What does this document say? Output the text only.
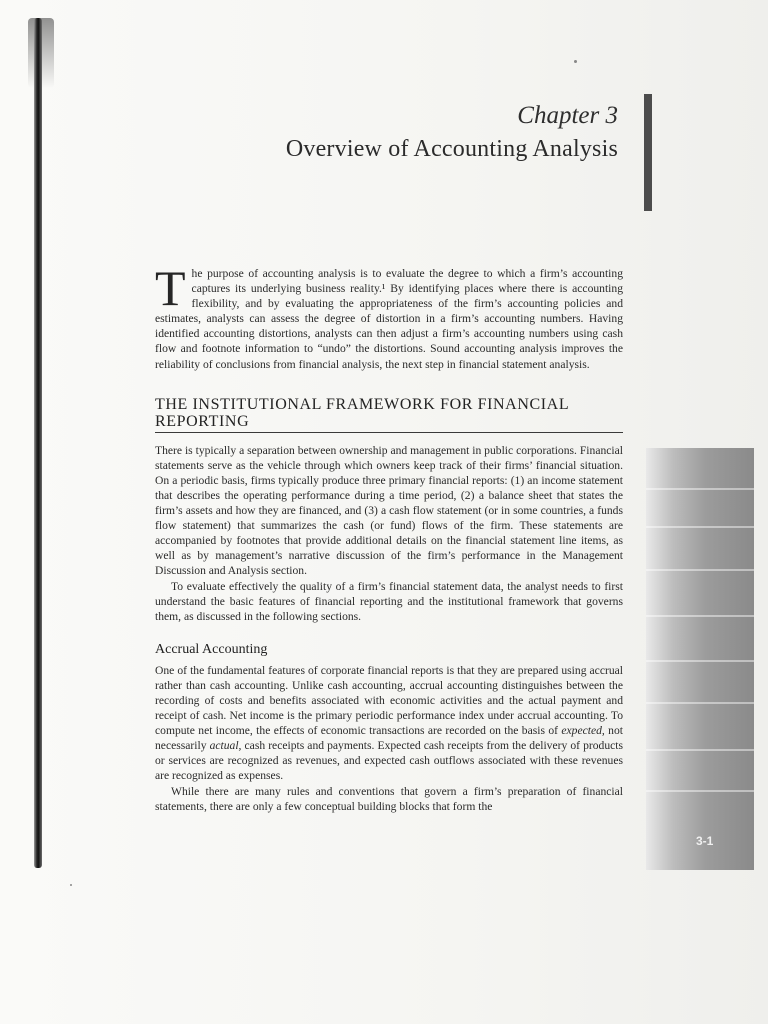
Chapter 3
Overview of Accounting Analysis
3-1

The purpose of accounting analysis is to evaluate the degree to which a firm’s accounting captures its underlying business reality.¹ By identifying places where there is accounting flexibility, and by evaluating the appropriateness of the firm’s accounting policies and estimates, analysts can assess the degree of distortion in a firm’s accounting numbers. Having identified accounting distortions, analysts can then adjust a firm’s accounting numbers using cash flow and footnote information to “undo” the distortions. Sound accounting analysis improves the reliability of conclusions from financial analysis, the next step in financial statement analysis.

THE INSTITUTIONAL FRAMEWORK FOR FINANCIAL REPORTING

There is typically a separation between ownership and management in public corporations. Financial statements serve as the vehicle through which owners keep track of their firms’ financial situation. On a periodic basis, firms typically produce three primary financial reports: (1) an income statement that describes the operating performance during a time period, (2) a balance sheet that states the firm’s assets and how they are financed, and (3) a cash flow statement (or in some countries, a funds flow statement) that summarizes the cash (or fund) flows of the firm. These statements are accompanied by footnotes that provide additional details on the financial statement line items, as well as by management’s narrative discussion of the firm’s performance in the Management Discussion and Analysis section.

To evaluate effectively the quality of a firm’s financial statement data, the analyst needs to first understand the basic features of financial reporting and the institutional framework that governs them, as discussed in the following sections.

Accrual Accounting

One of the fundamental features of corporate financial reports is that they are prepared using accrual rather than cash accounting. Unlike cash accounting, accrual accounting distinguishes between the recording of costs and benefits associated with economic activities and the actual payment and receipt of cash. Net income is the primary periodic performance index under accrual accounting. To compute net income, the effects of economic transactions are recorded on the basis of expected, not necessarily actual, cash receipts and payments. Expected cash receipts from the delivery of products or services are recognized as revenues, and expected cash outflows associated with these revenues are recognized as expenses.

While there are many rules and conventions that govern a firm’s preparation of financial statements, there are only a few conceptual building blocks that form the
